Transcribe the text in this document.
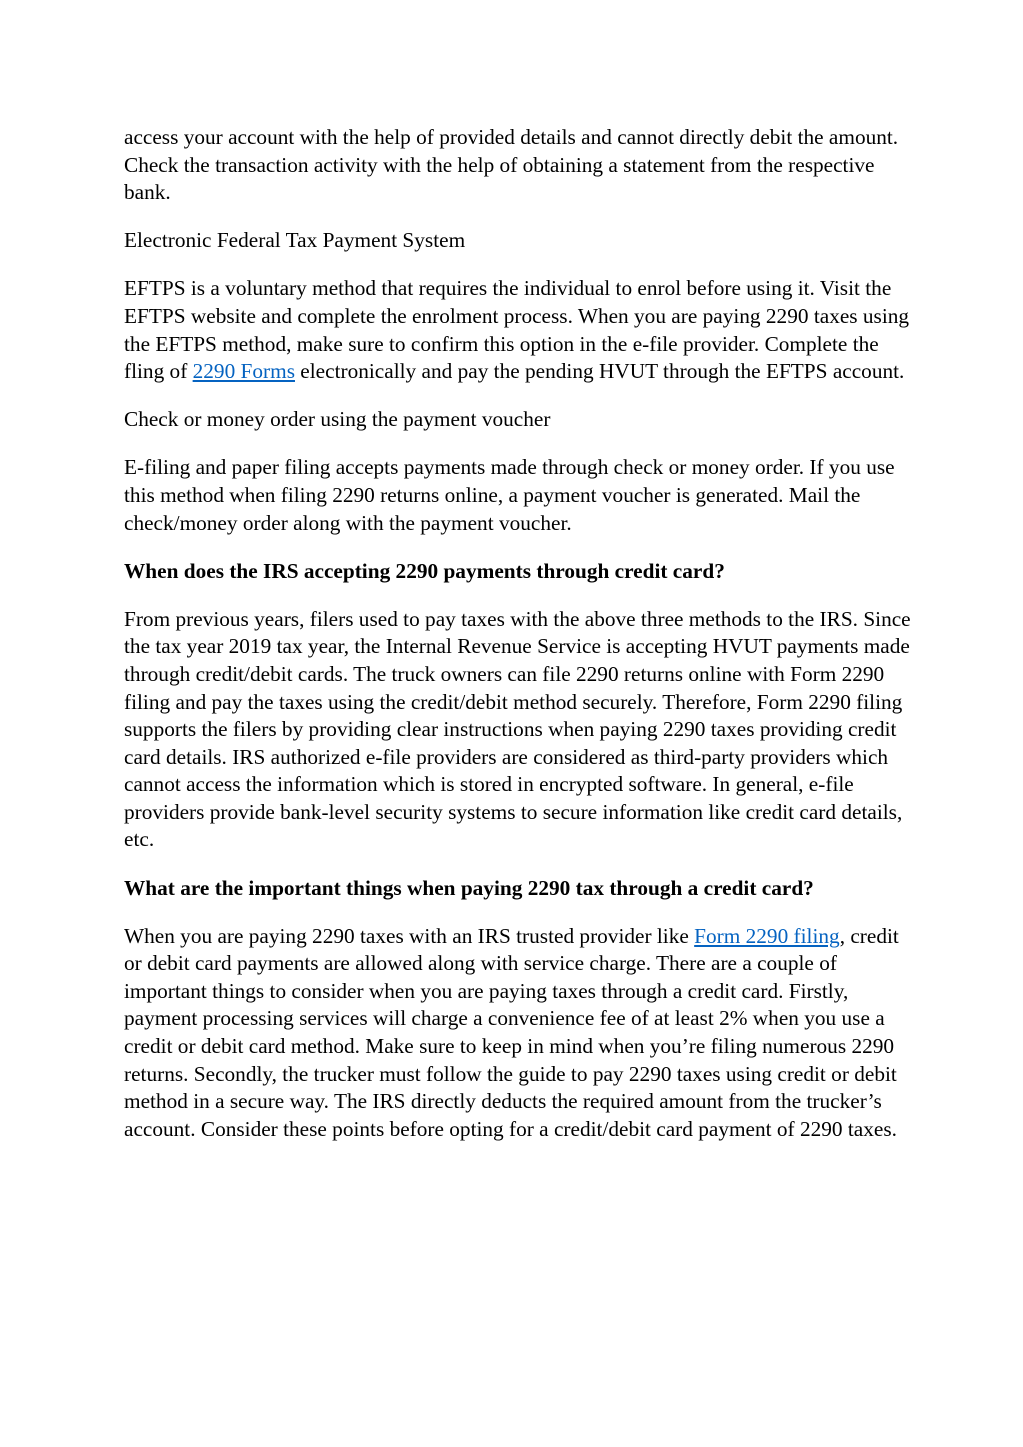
access your account with the help of provided details and cannot directly debit the amount. Check the transaction activity with the help of obtaining a statement from the respective bank.

Electronic Federal Tax Payment System

EFTPS is a voluntary method that requires the individual to enrol before using it. Visit the EFTPS website and complete the enrolment process. When you are paying 2290 taxes using the EFTPS method, make sure to confirm this option in the e-file provider. Complete the fling of 2290 Forms electronically and pay the pending HVUT through the EFTPS account.

Check or money order using the payment voucher

E-filing and paper filing accepts payments made through check or money order. If you use this method when filing 2290 returns online, a payment voucher is generated. Mail the check/money order along with the payment voucher.

When does the IRS accepting 2290 payments through credit card?

From previous years, filers used to pay taxes with the above three methods to the IRS. Since the tax year 2019 tax year, the Internal Revenue Service is accepting HVUT payments made through credit/debit cards. The truck owners can file 2290 returns online with Form 2290 filing and pay the taxes using the credit/debit method securely. Therefore, Form 2290 filing supports the filers by providing clear instructions when paying 2290 taxes providing credit card details. IRS authorized e-file providers are considered as third-party providers which cannot access the information which is stored in encrypted software. In general, e-file providers provide bank-level security systems to secure information like credit card details, etc.

What are the important things when paying 2290 tax through a credit card?

When you are paying 2290 taxes with an IRS trusted provider like Form 2290 filing, credit or debit card payments are allowed along with service charge. There are a couple of important things to consider when you are paying taxes through a credit card. Firstly, payment processing services will charge a convenience fee of at least 2% when you use a credit or debit card method. Make sure to keep in mind when you’re filing numerous 2290 returns. Secondly, the trucker must follow the guide to pay 2290 taxes using credit or debit method in a secure way. The IRS directly deducts the required amount from the trucker’s account. Consider these points before opting for a credit/debit card payment of 2290 taxes.
